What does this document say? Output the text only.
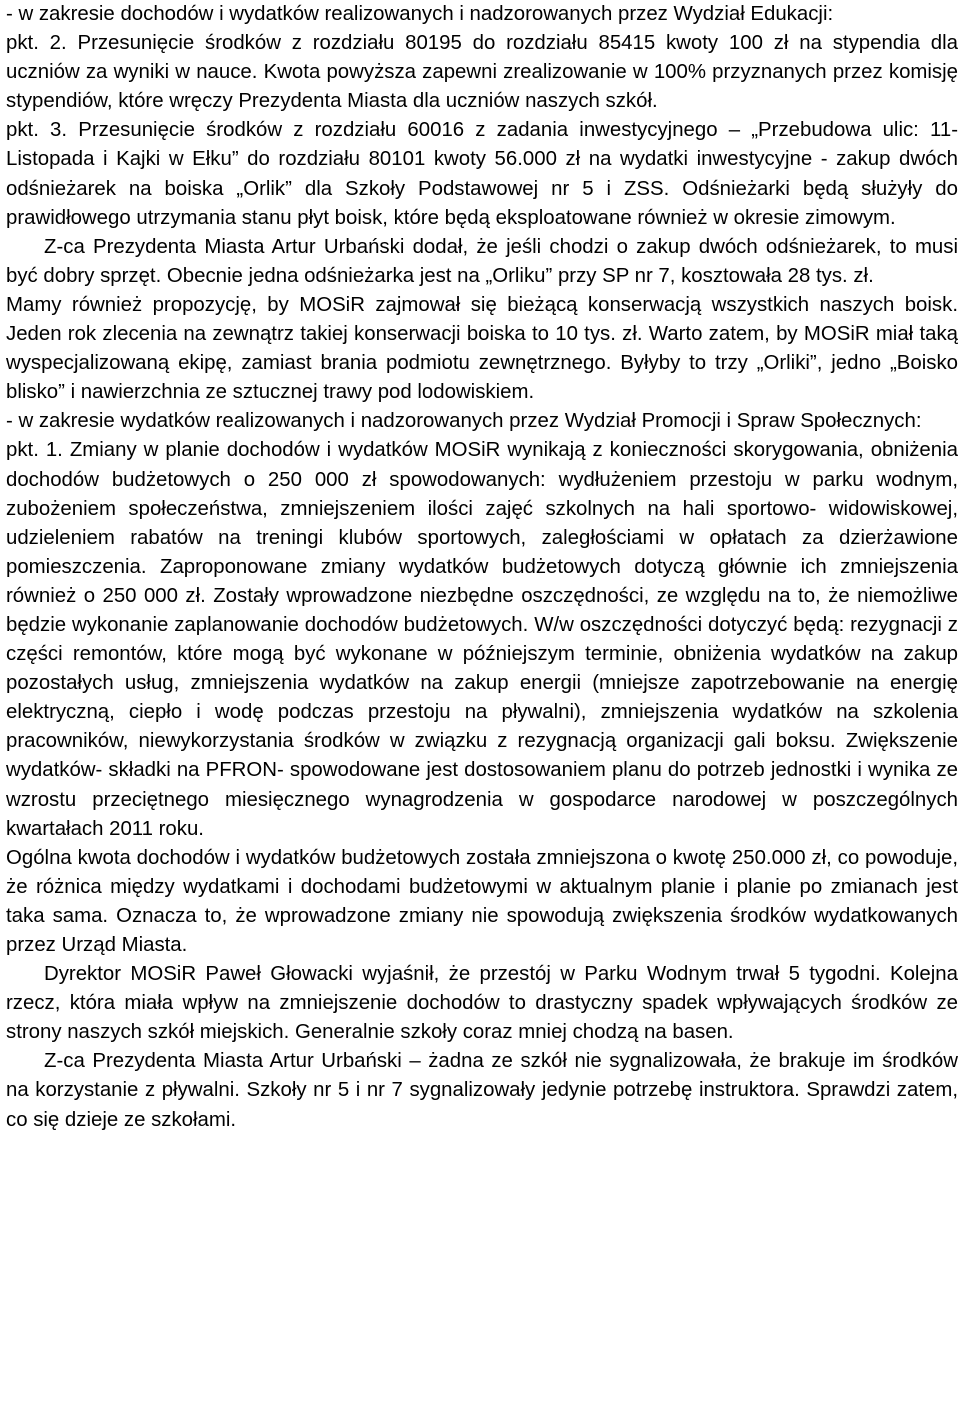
- w zakresie dochodów i wydatków realizowanych i nadzorowanych przez Wydział Edukacji:

pkt. 2. Przesunięcie środków z rozdziału 80195 do rozdziału 85415 kwoty 100 zł na stypendia dla uczniów za wyniki w nauce. Kwota powyższa zapewni zrealizowanie w 100% przyznanych przez komisję stypendiów, które wręczy Prezydenta Miasta dla uczniów naszych szkół.

pkt. 3. Przesunięcie środków z rozdziału 60016 z zadania inwestycyjnego – „Przebudowa ulic: 11-Listopada i Kajki w Ełku” do rozdziału 80101 kwoty 56.000 zł na wydatki inwestycyjne - zakup dwóch odśnieżarek na boiska „Orlik” dla Szkoły Podstawowej nr 5 i ZSS. Odśnieżarki będą służyły do prawidłowego utrzymania stanu płyt boisk, które będą eksploatowane również w okresie zimowym.

Z-ca Prezydenta Miasta Artur Urbański dodał, że jeśli chodzi o zakup dwóch odśnieżarek, to musi być dobry sprzęt. Obecnie jedna odśnieżarka jest na „Orliku” przy SP nr 7, kosztowała 28 tys. zł.

Mamy również propozycję, by MOSiR zajmował się bieżącą konserwacją wszystkich naszych boisk. Jeden rok zlecenia na zewnątrz takiej konserwacji boiska to 10 tys. zł. Warto zatem, by MOSiR miał taką wyspecjalizowaną ekipę, zamiast brania podmiotu zewnętrznego. Byłyby to trzy „Orliki”, jedno „Boisko blisko” i nawierzchnia ze sztucznej trawy pod lodowiskiem.

- w zakresie wydatków realizowanych i nadzorowanych przez Wydział Promocji i Spraw Społecznych:

pkt. 1. Zmiany w planie dochodów i wydatków MOSiR wynikają z konieczności skorygowania, obniżenia dochodów budżetowych o 250 000 zł spowodowanych: wydłużeniem przestoju w parku wodnym, zubożeniem społeczeństwa, zmniejszeniem ilości zajęć szkolnych na hali sportowo- widowiskowej, udzieleniem rabatów na treningi klubów sportowych, zaległościami w opłatach za dzierżawione pomieszczenia. Zaproponowane zmiany wydatków budżetowych dotyczą głównie ich zmniejszenia również o 250 000 zł. Zostały wprowadzone niezbędne oszczędności, ze względu na to, że niemożliwe będzie wykonanie zaplanowanie dochodów budżetowych. W/w oszczędności dotyczyć będą: rezygnacji z części remontów, które mogą być wykonane w późniejszym terminie, obniżenia wydatków na zakup pozostałych usług, zmniejszenia wydatków na zakup energii (mniejsze zapotrzebowanie na energię elektryczną, ciepło i wodę podczas przestoju na pływalni), zmniejszenia wydatków na szkolenia pracowników, niewykorzystania środków w związku z rezygnacją organizacji gali boksu. Zwiększenie wydatków- składki na PFRON- spowodowane jest dostosowaniem planu do potrzeb jednostki i wynika ze wzrostu przeciętnego miesięcznego wynagrodzenia w gospodarce narodowej w poszczególnych kwartałach 2011 roku.

Ogólna kwota dochodów i wydatków budżetowych została zmniejszona o kwotę 250.000 zł, co powoduje, że różnica między wydatkami i dochodami budżetowymi w aktualnym planie i planie po zmianach jest taka sama. Oznacza to, że wprowadzone zmiany nie spowodują zwiększenia środków wydatkowanych przez Urząd Miasta.

Dyrektor MOSiR Paweł Głowacki wyjaśnił, że przestój w Parku Wodnym trwał 5 tygodni. Kolejna rzecz, która miała wpływ na zmniejszenie dochodów to drastyczny spadek wpływających środków ze strony naszych szkół miejskich. Generalnie szkoły coraz mniej chodzą na basen.

Z-ca Prezydenta Miasta Artur Urbański – żadna ze szkół nie sygnalizowała, że brakuje im środków na korzystanie z pływalni. Szkoły nr 5 i nr 7 sygnalizowały jedynie potrzebę instruktora. Sprawdzi zatem, co się dzieje ze szkołami.
